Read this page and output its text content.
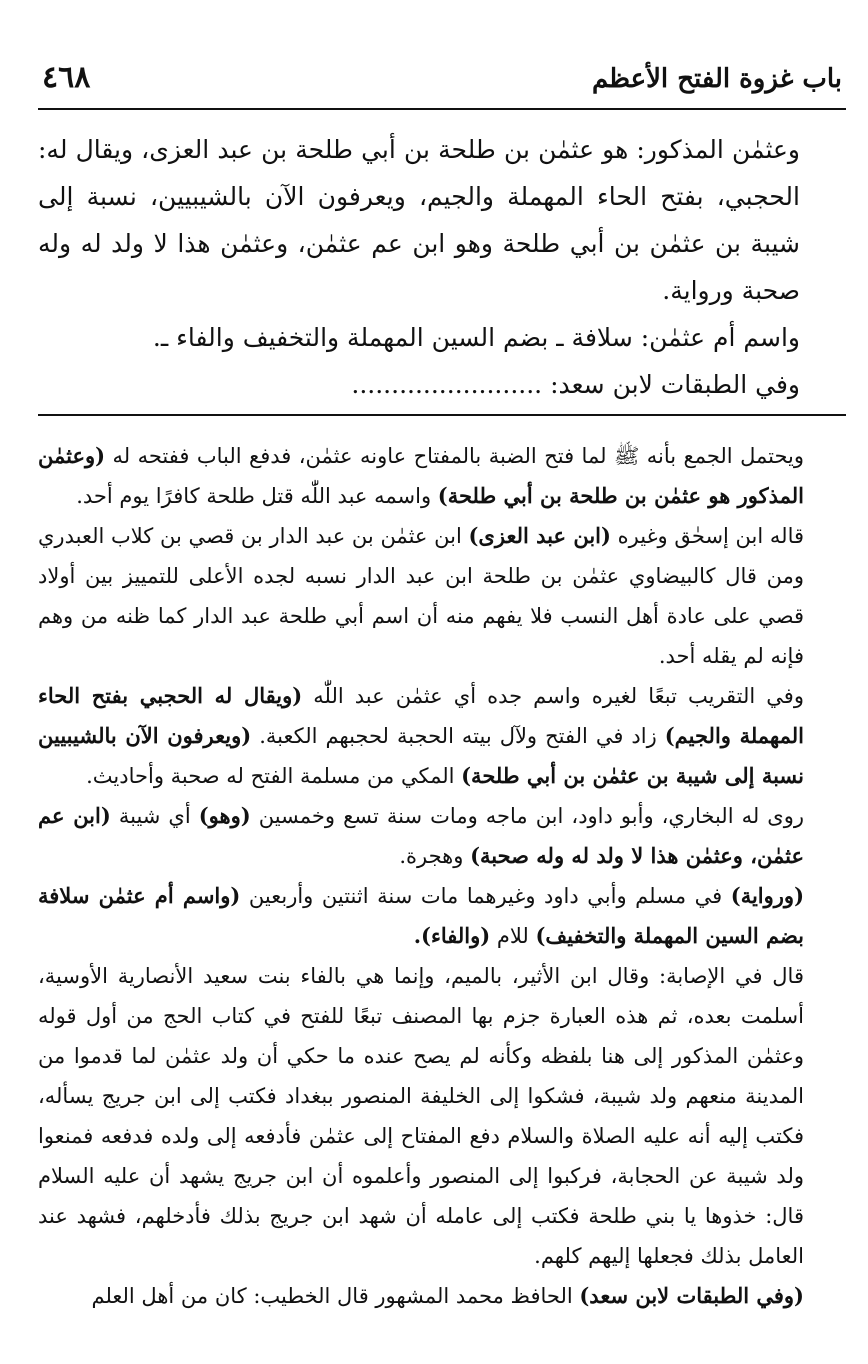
باب غزوة الفتح الأعظم
٤٦٨

وعثمٰن المذكور: هو عثمٰن بن طلحة بن أبي طلحة بن عبد العزى، ويقال له: الحجبي، بفتح الحاء المهملة والجيم، ويعرفون الآن بالشيبيين، نسبة إلى شيبة بن عثمٰن بن أبي طلحة وهو ابن عم عثمٰن، وعثمٰن هذا لا ولد له وله صحبة ورواية.

واسم أم عثمٰن: سلافة ـ بضم السين المهملة والتخفيف والفاء ـ.

وفي الطبقات لابن سعد: ........................

ويحتمل الجمع بأنه ﷺ لما فتح الضبة بالمفتاح عاونه عثمٰن، فدفع الباب ففتحه له (وعثمٰن المذكور هو عثمٰن بن طلحة بن أبي طلحة) واسمه عبد اللّٰه قتل طلحة كافرًا يوم أحد.

قاله ابن إسحٰق وغيره (ابن عبد العزى) ابن عثمٰن بن عبد الدار بن قصي بن كلاب العبدري ومن قال كالبيضاوي عثمٰن بن طلحة ابن عبد الدار نسبه لجده الأعلى للتمييز بين أولاد قصي على عادة أهل النسب فلا يفهم منه أن اسم أبي طلحة عبد الدار كما ظنه من وهم فإنه لم يقله أحد.

وفي التقريب تبعًا لغيره واسم جده أي عثمٰن عبد اللّٰه (ويقال له الحجبي بفتح الحاء المهملة والجيم) زاد في الفتح ولآل بيته الحجبة لحجبهم الكعبة. (ويعرفون الآن بالشيبيين نسبة إلى شيبة بن عثمٰن بن أبي طلحة) المكي من مسلمة الفتح له صحبة وأحاديث.

روى له البخاري، وأبو داود، ابن ماجه ومات سنة تسع وخمسين (وهو) أي شيبة (ابن عم عثمٰن، وعثمٰن هذا لا ولد له وله صحبة) وهجرة.

(ورواية) في مسلم وأبي داود وغيرهما مات سنة اثنتين وأربعين (واسم أم عثمٰن سلافة بضم السين المهملة والتخفيف) للام (والفاء).

قال في الإصابة: وقال ابن الأثير، بالميم، وإنما هي بالفاء بنت سعيد الأنصارية الأوسية، أسلمت بعده، ثم هذه العبارة جزم بها المصنف تبعًا للفتح في كتاب الحج من أول قوله وعثمٰن المذكور إلى هنا بلفظه وكأنه لم يصح عنده ما حكي أن ولد عثمٰن لما قدموا من المدينة منعهم ولد شيبة، فشكوا إلى الخليفة المنصور ببغداد فكتب إلى ابن جريج يسأله، فكتب إليه أنه عليه الصلاة والسلام دفع المفتاح إلى عثمٰن فأدفعه إلى ولده فدفعه فمنعوا ولد شيبة عن الحجابة، فركبوا إلى المنصور وأعلموه أن ابن جريج يشهد أن عليه السلام قال: خذوها يا بني طلحة فكتب إلى عامله أن شهد ابن جريج بذلك فأدخلهم، فشهد عند العامل بذلك فجعلها إليهم كلهم.

(وفي الطبقات لابن سعد) الحافظ محمد المشهور قال الخطيب: كان من أهل العلم
